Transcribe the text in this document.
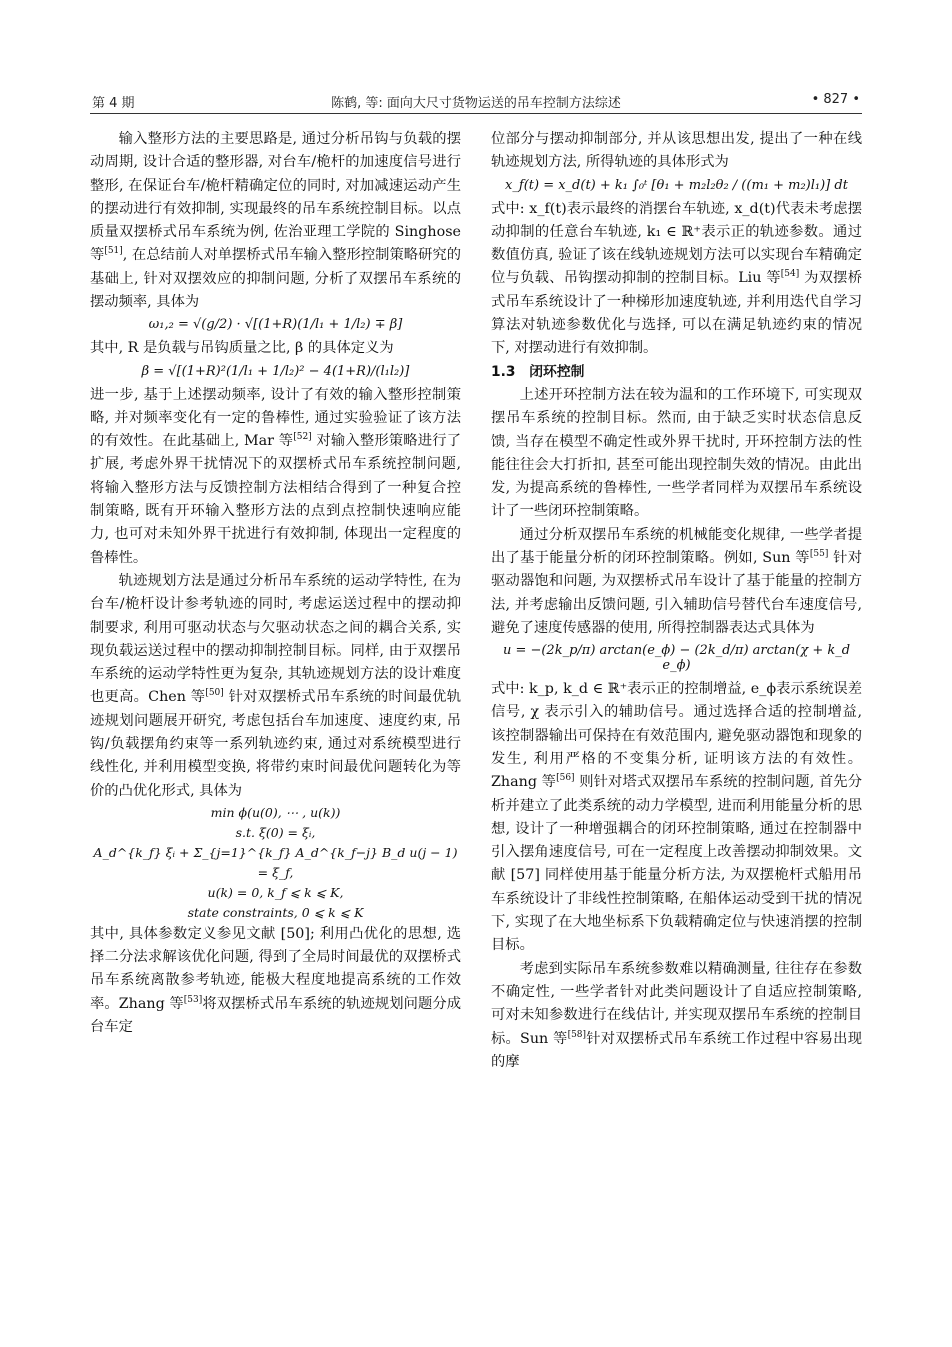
第 4 期	陈鹤, 等: 面向大尺寸货物运送的吊车控制方法综述	• 827 •

输入整形方法的主要思路是, 通过分析吊钩与负载的摆动周期, 设计合适的整形器, 对台车/桅杆的加速度信号进行整形, 在保证台车/桅杆精确定位的同时, 对加减速运动产生的摆动进行有效抑制, 实现最终的吊车系统控制目标。以点质量双摆桥式吊车系统为例, 佐治亚理工学院的 Singhose 等[51], 在总结前人对单摆桥式吊车输入整形控制策略研究的基础上, 针对双摆效应的抑制问题, 分析了双摆吊车系统的摆动频率, 具体为

ω₁,₂ = √(g/2) · √[(1+R)(1/l₁ + 1/l₂) ∓ β]

其中, R 是负载与吊钩质量之比, β 的具体定义为

β = √[(1+R)²(1/l₁ + 1/l₂)² − 4(1+R)/(l₁l₂)]

进一步, 基于上述摆动频率, 设计了有效的输入整形控制策略, 并对频率变化有一定的鲁棒性, 通过实验验证了该方法的有效性。在此基础上, Mar 等[52] 对输入整形策略进行了扩展, 考虑外界干扰情况下的双摆桥式吊车系统控制问题, 将输入整形方法与反馈控制方法相结合得到了一种复合控制策略, 既有开环输入整形方法的点到点控制快速响应能力, 也可对未知外界干扰进行有效抑制, 体现出一定程度的鲁棒性。

轨迹规划方法是通过分析吊车系统的运动学特性, 在为台车/桅杆设计参考轨迹的同时, 考虑运送过程中的摆动抑制要求, 利用可驱动状态与欠驱动状态之间的耦合关系, 实现负载运送过程中的摆动抑制控制目标。同样, 由于双摆吊车系统的运动学特性更为复杂, 其轨迹规划方法的设计难度也更高。Chen 等[50] 针对双摆桥式吊车系统的时间最优轨迹规划问题展开研究, 考虑包括台车加速度、速度约束, 吊钩/负载摆角约束等一系列轨迹约束, 通过对系统模型进行线性化, 并利用模型变换, 将带约束时间最优问题转化为等价的凸优化形式, 具体为

min ϕ(u(0), ⋯ , u(k))

s.t. ξ(0) = ξᵢ,

A_d^{k_f} ξᵢ + Σ_{j=1}^{k_f} A_d^{k_f−j} B_d u(j − 1) = ξ_f,

u(k) = 0, k_f ⩽ k ⩽ K,

state constraints, 0 ⩽ k ⩽ K

其中, 具体参数定义参见文献 [50]; 利用凸优化的思想, 选择二分法求解该优化问题, 得到了全局时间最优的双摆桥式吊车系统离散参考轨迹, 能极大程度地提高系统的工作效率。Zhang 等[53]将双摆桥式吊车系统的轨迹规划问题分成台车定

位部分与摆动抑制部分, 并从该思想出发, 提出了一种在线轨迹规划方法, 所得轨迹的具体形式为

x_f(t) = x_d(t) + k₁ ∫₀ᵗ [θ₁ + m₂l₂θ₂ / ((m₁ + m₂)l₁)] dt

式中: x_f(t)表示最终的消摆台车轨迹, x_d(t)代表未考虑摆动抑制的任意台车轨迹, k₁ ∈ ℝ⁺表示正的轨迹参数。通过数值仿真, 验证了该在线轨迹规划方法可以实现台车精确定位与负载、吊钩摆动抑制的控制目标。Liu 等[54] 为双摆桥式吊车系统设计了一种梯形加速度轨迹, 并利用迭代自学习算法对轨迹参数优化与选择, 可以在满足轨迹约束的情况下, 对摆动进行有效抑制。

1.3　闭环控制

上述开环控制方法在较为温和的工作环境下, 可实现双摆吊车系统的控制目标。然而, 由于缺乏实时状态信息反馈, 当存在模型不确定性或外界干扰时, 开环控制方法的性能往往会大打折扣, 甚至可能出现控制失效的情况。由此出发, 为提高系统的鲁棒性, 一些学者同样为双摆吊车系统设计了一些闭环控制策略。

通过分析双摆吊车系统的机械能变化规律, 一些学者提出了基于能量分析的闭环控制策略。例如, Sun 等[55] 针对驱动器饱和问题, 为双摆桥式吊车设计了基于能量的控制方法, 并考虑输出反馈问题, 引入辅助信号替代台车速度信号, 避免了速度传感器的使用, 所得控制器表达式具体为

u = −(2k_p/π) arctan(e_ϕ) − (2k_d/π) arctan(χ + k_d e_ϕ)

式中: k_p, k_d ∈ ℝ⁺表示正的控制增益, e_ϕ表示系统误差信号, χ 表示引入的辅助信号。通过选择合适的控制增益, 该控制器输出可保持在有效范围内, 避免驱动器饱和现象的发生, 利用严格的不变集分析, 证明该方法的有效性。Zhang 等[56] 则针对塔式双摆吊车系统的控制问题, 首先分析并建立了此类系统的动力学模型, 进而利用能量分析的思想, 设计了一种增强耦合的闭环控制策略, 通过在控制器中引入摆角速度信号, 可在一定程度上改善摆动抑制效果。文献 [57] 同样使用基于能量分析方法, 为双摆桅杆式船用吊车系统设计了非线性控制策略, 在船体运动受到干扰的情况下, 实现了在大地坐标系下负载精确定位与快速消摆的控制目标。

考虑到实际吊车系统参数难以精确测量, 往往存在参数不确定性, 一些学者针对此类问题设计了自适应控制策略, 可对未知参数进行在线估计, 并实现双摆吊车系统的控制目标。Sun 等[58]针对双摆桥式吊车系统工作过程中容易出现的摩
